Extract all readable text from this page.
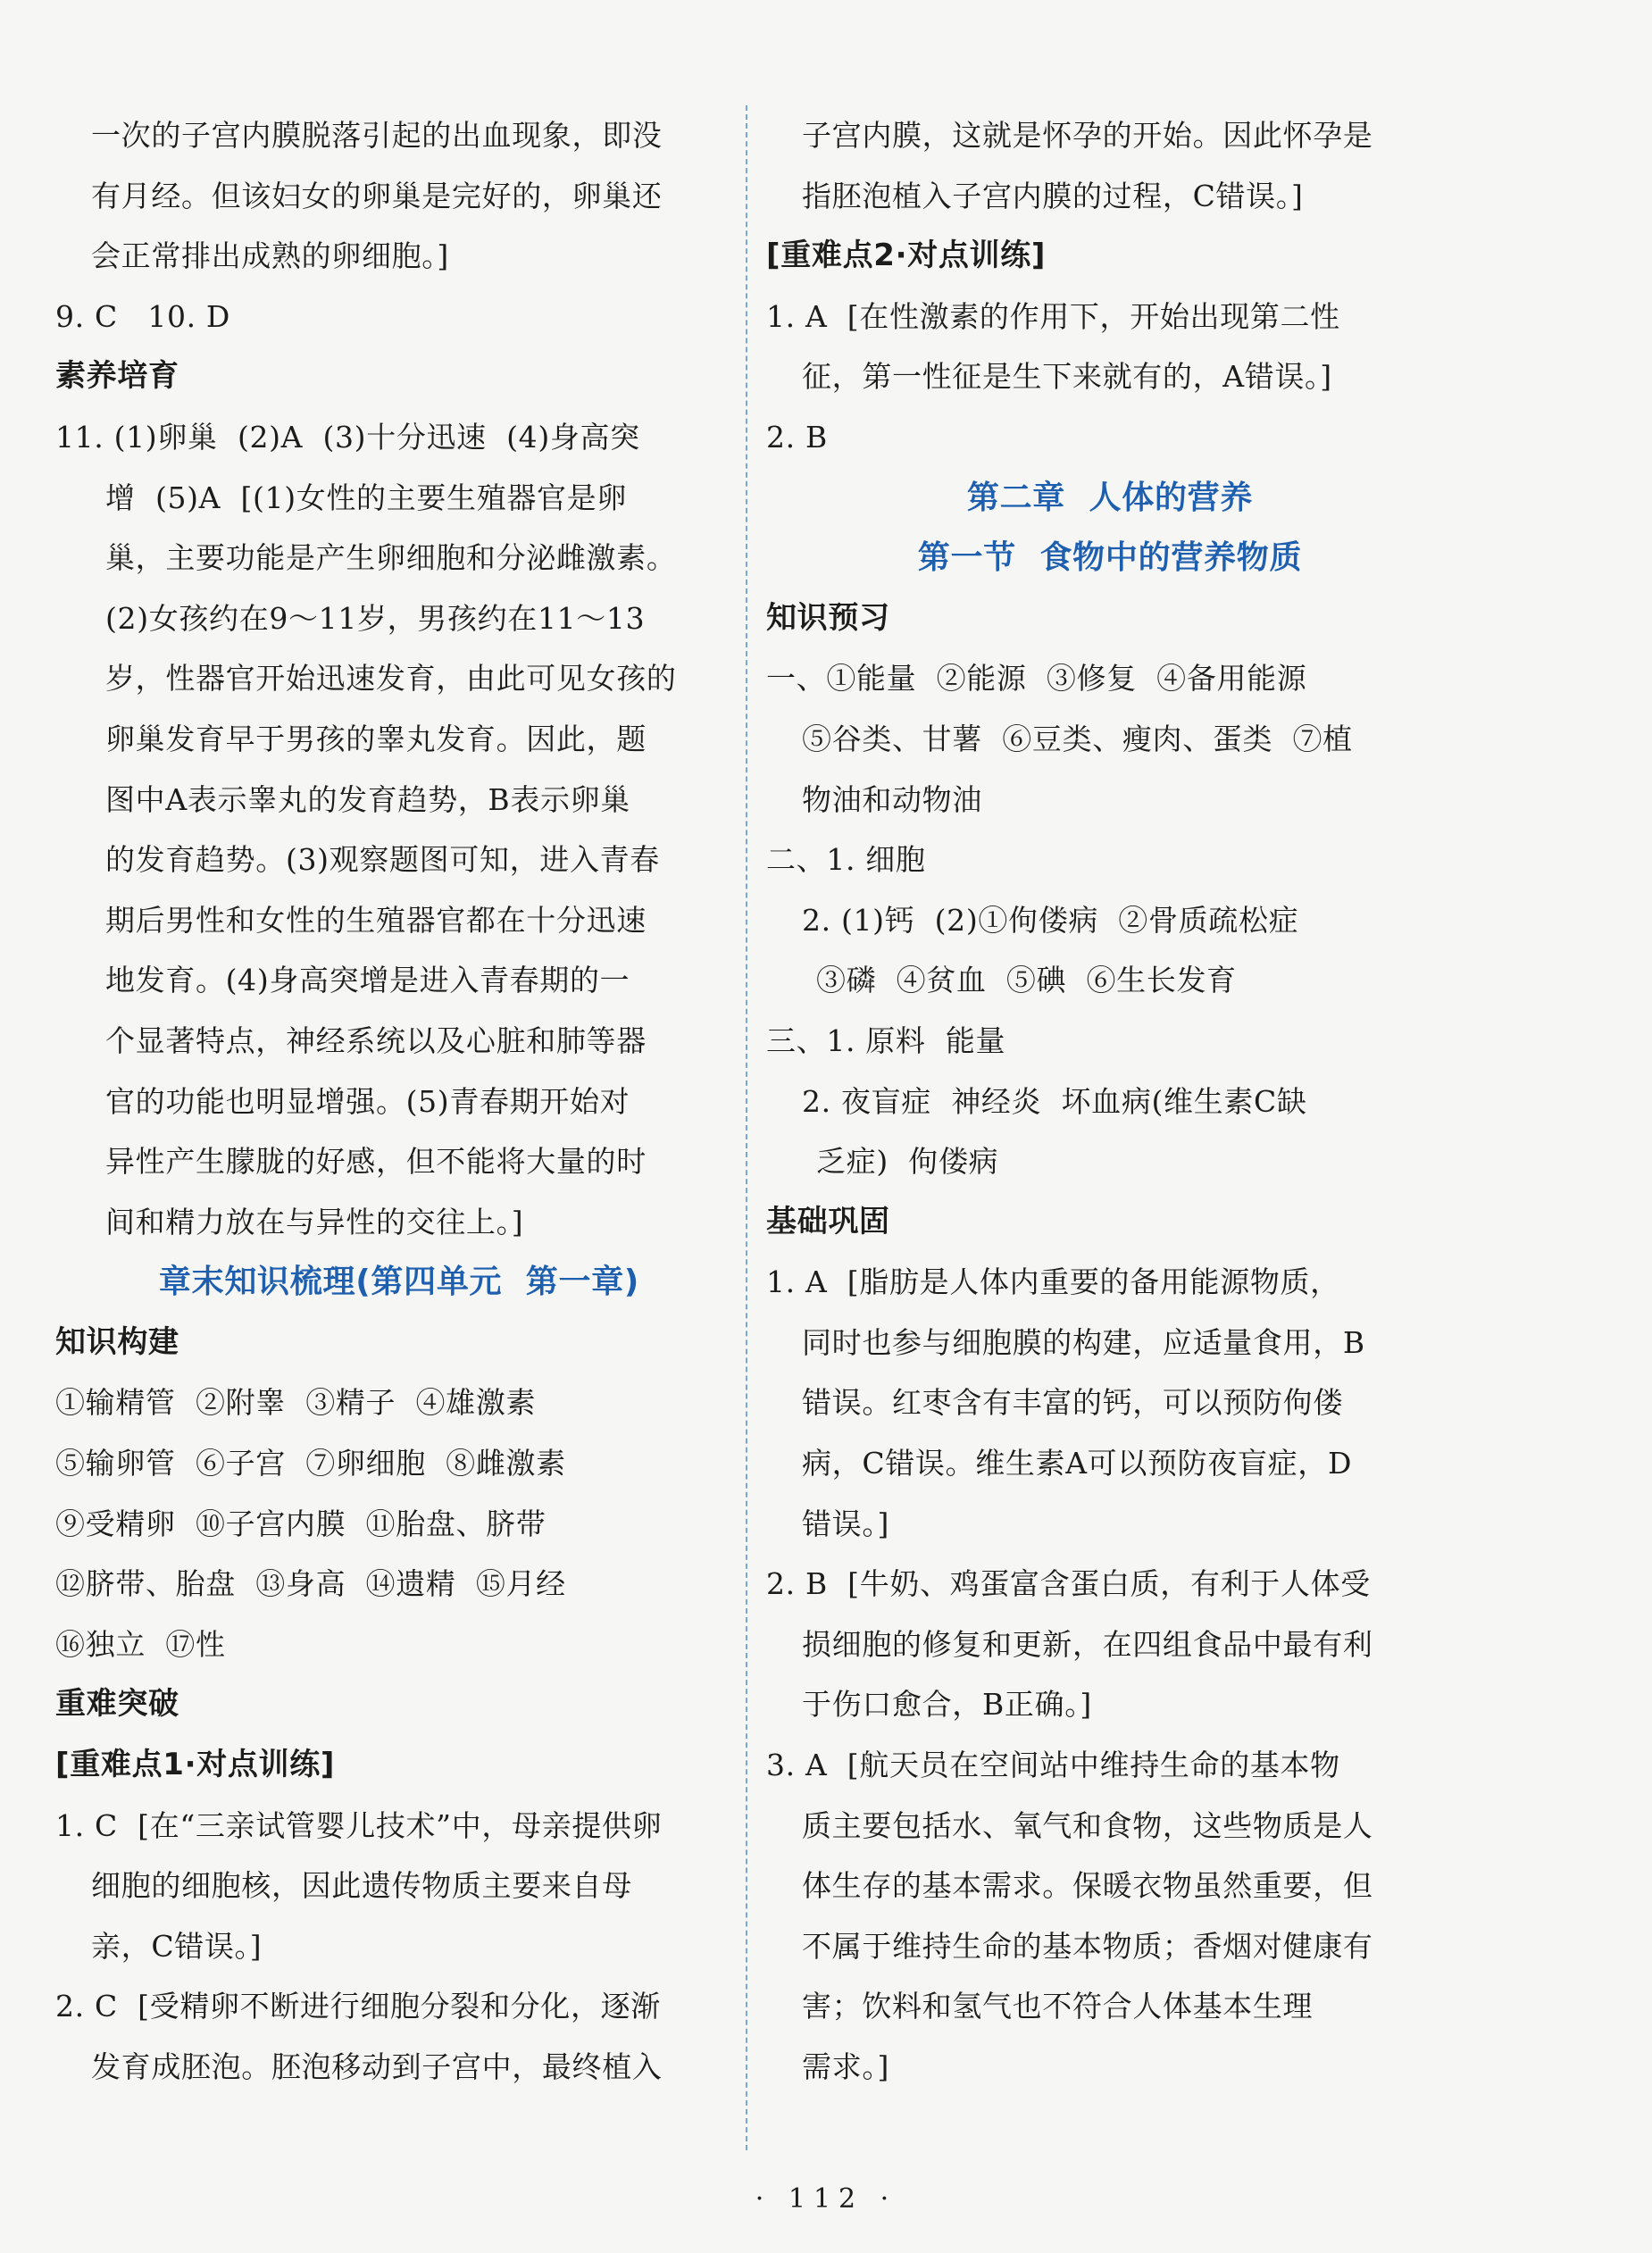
一次的子宫内膜脱落引起的出血现象，即没
有月经。但该妇女的卵巢是完好的，卵巢还
会正常排出成熟的卵细胞。]
9. C   10. D
素养培育
11. (1)卵巢  (2)A  (3)十分迅速  (4)身高突
增  (5)A  [(1)女性的主要生殖器官是卵
巢，主要功能是产生卵细胞和分泌雌激素。
(2)女孩约在9～11岁，男孩约在11～13
岁，性器官开始迅速发育，由此可见女孩的
卵巢发育早于男孩的睾丸发育。因此，题
图中A表示睾丸的发育趋势，B表示卵巢
的发育趋势。(3)观察题图可知，进入青春
期后男性和女性的生殖器官都在十分迅速
地发育。(4)身高突增是进入青春期的一
个显著特点，神经系统以及心脏和肺等器
官的功能也明显增强。(5)青春期开始对
异性产生朦胧的好感，但不能将大量的时
间和精力放在与异性的交往上。]
章末知识梳理(第四单元  第一章)
知识构建
①输精管  ②附睾  ③精子  ④雄激素
⑤输卵管  ⑥子宫  ⑦卵细胞  ⑧雌激素
⑨受精卵  ⑩子宫内膜  ⑪胎盘、脐带
⑫脐带、胎盘  ⑬身高  ⑭遗精  ⑮月经
⑯独立  ⑰性
重难突破
[重难点1·对点训练]
1. C  [在“三亲试管婴儿技术”中，母亲提供卵
细胞的细胞核，因此遗传物质主要来自母
亲，C错误。]
2. C  [受精卵不断进行细胞分裂和分化，逐渐
发育成胚泡。胚泡移动到子宫中，最终植入
子宫内膜，这就是怀孕的开始。因此怀孕是
指胚泡植入子宫内膜的过程，C错误。]
[重难点2·对点训练]
1. A  [在性激素的作用下，开始出现第二性
征，第一性征是生下来就有的，A错误。]
2. B
第二章  人体的营养
第一节  食物中的营养物质
知识预习
一、①能量  ②能源  ③修复  ④备用能源
⑤谷类、甘薯  ⑥豆类、瘦肉、蛋类  ⑦植
物油和动物油
二、1. 细胞
2. (1)钙  (2)①佝偻病  ②骨质疏松症
③磷  ④贫血  ⑤碘  ⑥生长发育
三、1. 原料  能量
2. 夜盲症  神经炎  坏血病(维生素C缺
乏症)  佝偻病
基础巩固
1. A  [脂肪是人体内重要的备用能源物质，
同时也参与细胞膜的构建，应适量食用，B
错误。红枣含有丰富的钙，可以预防佝偻
病，C错误。维生素A可以预防夜盲症，D
错误。]
2. B  [牛奶、鸡蛋富含蛋白质，有利于人体受
损细胞的修复和更新，在四组食品中最有利
于伤口愈合，B正确。]
3. A  [航天员在空间站中维持生命的基本物
质主要包括水、氧气和食物，这些物质是人
体生存的基本需求。保暖衣物虽然重要，但
不属于维持生命的基本物质；香烟对健康有
害；饮料和氢气也不符合人体基本生理
需求。]
· 112 ·
